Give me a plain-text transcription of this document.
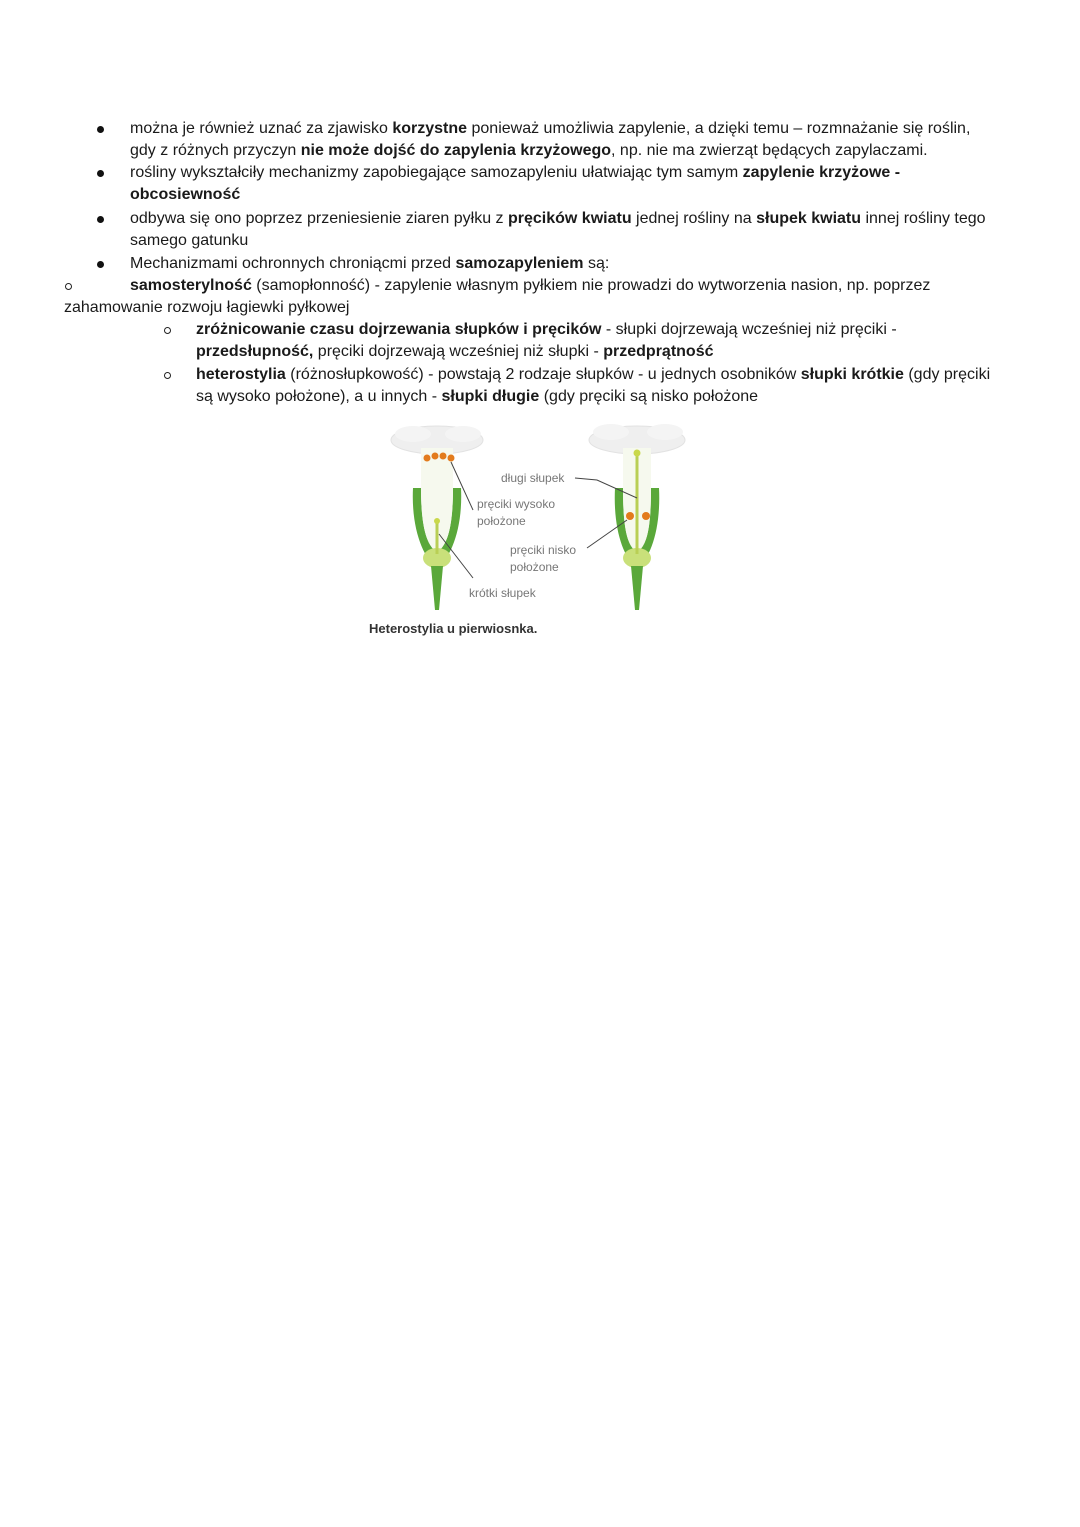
można je również uznać za zjawisko korzystne ponieważ umożliwia zapylenie, a dzięki temu – rozmnażanie się roślin,
gdy z różnych przyczyn nie może dojść do zapylenia krzyżowego, np. nie ma zwierząt będących zapylaczami.
rośliny wykształciły mechanizmy zapobiegające samozapyleniu ułatwiając tym samym zapylenie krzyżowe -
obcosiewność
odbywa się ono poprzez przeniesienie ziaren pyłku z pręcików kwiatu jednej rośliny na słupek kwiatu innej rośliny tego
samego gatunku
Mechanizmami ochronnych chroniącmi przed samozapyleniem są:
samosterylność (samopłonność) - zapylenie własnym pyłkiem nie prowadzi do wytworzenia nasion, np. poprzez
zahamowanie rozwoju łagiewki pyłkowej
zróżnicowanie czasu dojrzewania słupków i pręcików - słupki dojrzewają wcześniej niż pręciki -
przedsłupność, pręciki dojrzewają wcześniej niż słupki - przedprątność
heterostylia (różnosłupkowość) - powstają 2 rodzaje słupków - u jednych osobników słupki krótkie (gdy pręciki
są wysoko położone), a u innych - słupki długie (gdy pręciki są nisko położone
długi słupek
pręciki wysoko
położone
pręciki nisko
położone
krótki słupek
Heterostylia u pierwiosnka.
